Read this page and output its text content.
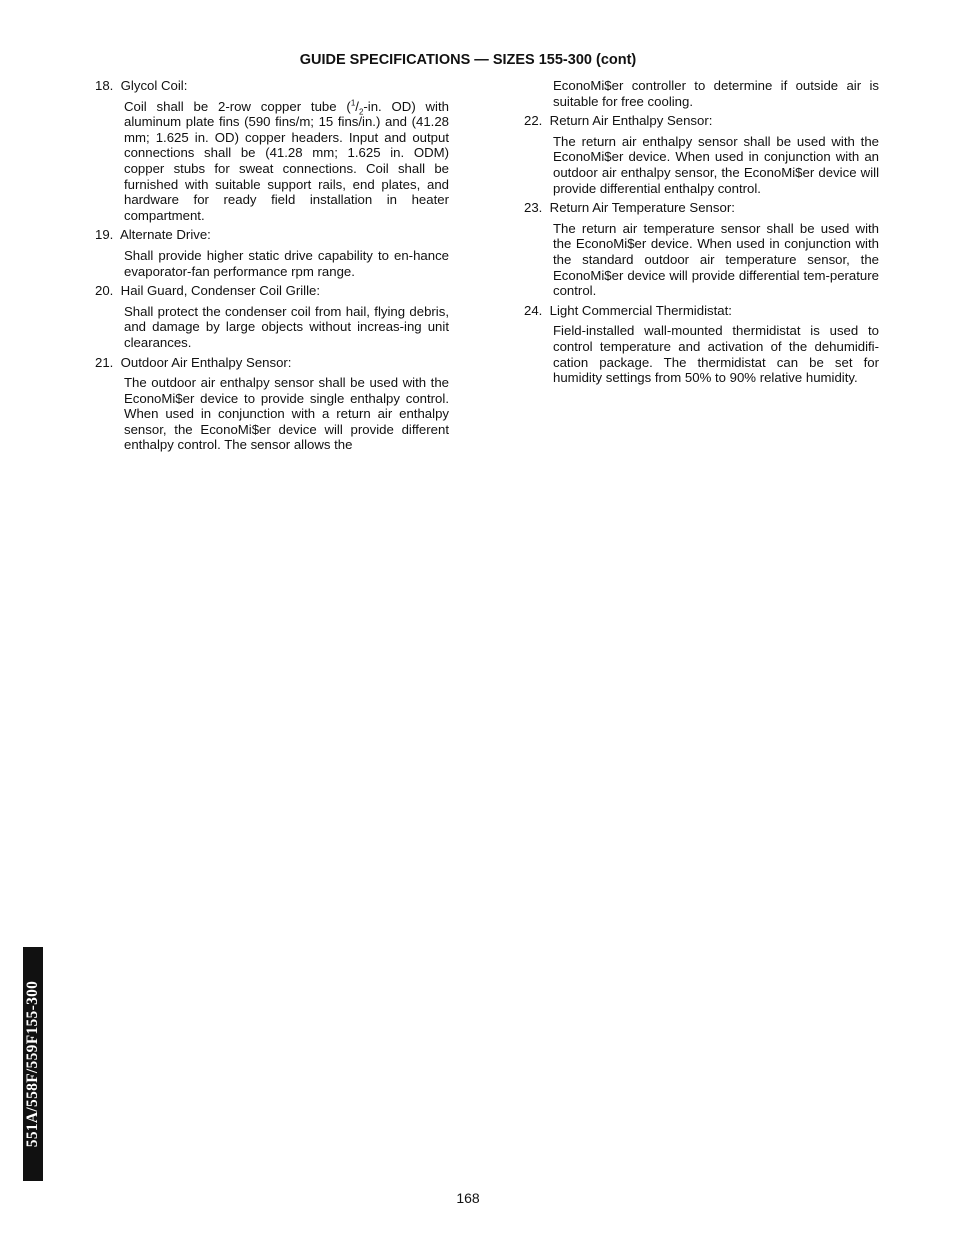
GUIDE SPECIFICATIONS — SIZES 155-300 (cont)
18. Glycol Coil:
Coil shall be 2-row copper tube ($^1/_2-in$. OD) with aluminum plate fins (590 fins/m; 15 fins/in.) and (41.28 mm; 1.625 in. OD) copper headers. Input and output connections shall be (41.28 mm; 1.625 in. ODM) copper stubs for sweat connections. Coil shall be furnished with suitable support rails, end plates, and hardware for ready field installation in heater compartment.
19. Alternate Drive:
Shall provide higher static drive capability to en-hance evaporator-fan performance rpm range.
20. Hail Guard, Condenser Coil Grille:
Shall protect the condenser coil from hail, flying debris, and damage by large objects without increas-ing unit clearances.
21. Outdoor Air Enthalpy Sensor:
The outdoor air enthalpy sensor shall be used with the EconoMi$er device to provide single enthalpy control. When used in conjunction with a return air enthalpy sensor, the EconoMi$er device will provide different enthalpy control. The sensor allows the
EconoMi$er controller to determine if outside air is suitable for free cooling.
22. Return Air Enthalpy Sensor:
The return air enthalpy sensor shall be used with the EconoMi$er device. When used in conjunction with an outdoor air enthalpy sensor, the EconoMi$er device will provide differential enthalpy control.
23. Return Air Temperature Sensor:
The return air temperature sensor shall be used with the EconoMi$er device. When used in conjunction with the standard outdoor air temperature sensor, the EconoMi$er device will provide differential tem-perature control.
24. Light Commercial Thermidistat:
Field-installed wall-mounted thermidistat is used to control temperature and activation of the dehumidifi-cation package. The thermidistat can be set for humidity settings from 50% to 90% relative humidity.
551A/558F/559F155-300
168
